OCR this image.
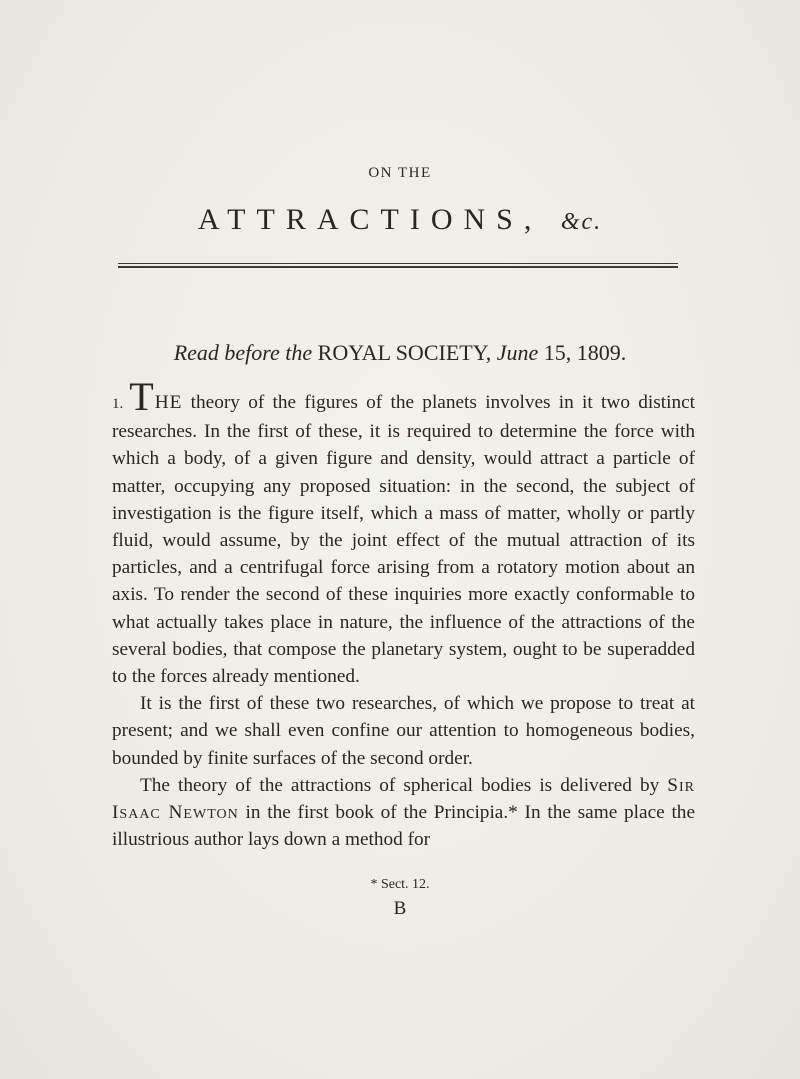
ON THE
ATTRACTIONS, &c.
Read before the ROYAL SOCIETY, June 15, 1809.

1. THE theory of the figures of the planets involves in it two distinct researches. In the first of these, it is required to determine the force with which a body, of a given figure and density, would attract a particle of matter, occupying any proposed situation: in the second, the subject of investigation is the figure itself, which a mass of matter, wholly or partly fluid, would assume, by the joint effect of the mutual attraction of its particles, and a centrifugal force arising from a rotatory motion about an axis. To render the second of these inquiries more exactly conformable to what actually takes place in nature, the influence of the attractions of the several bodies, that compose the planetary system, ought to be superadded to the forces already mentioned.

It is the first of these two researches, of which we propose to treat at present; and we shall even confine our attention to homogeneous bodies, bounded by finite surfaces of the second order.

The theory of the attractions of spherical bodies is delivered by Sir Isaac Newton in the first book of the Principia.* In the same place the illustrious author lays down a method for

* Sect. 12.
B
